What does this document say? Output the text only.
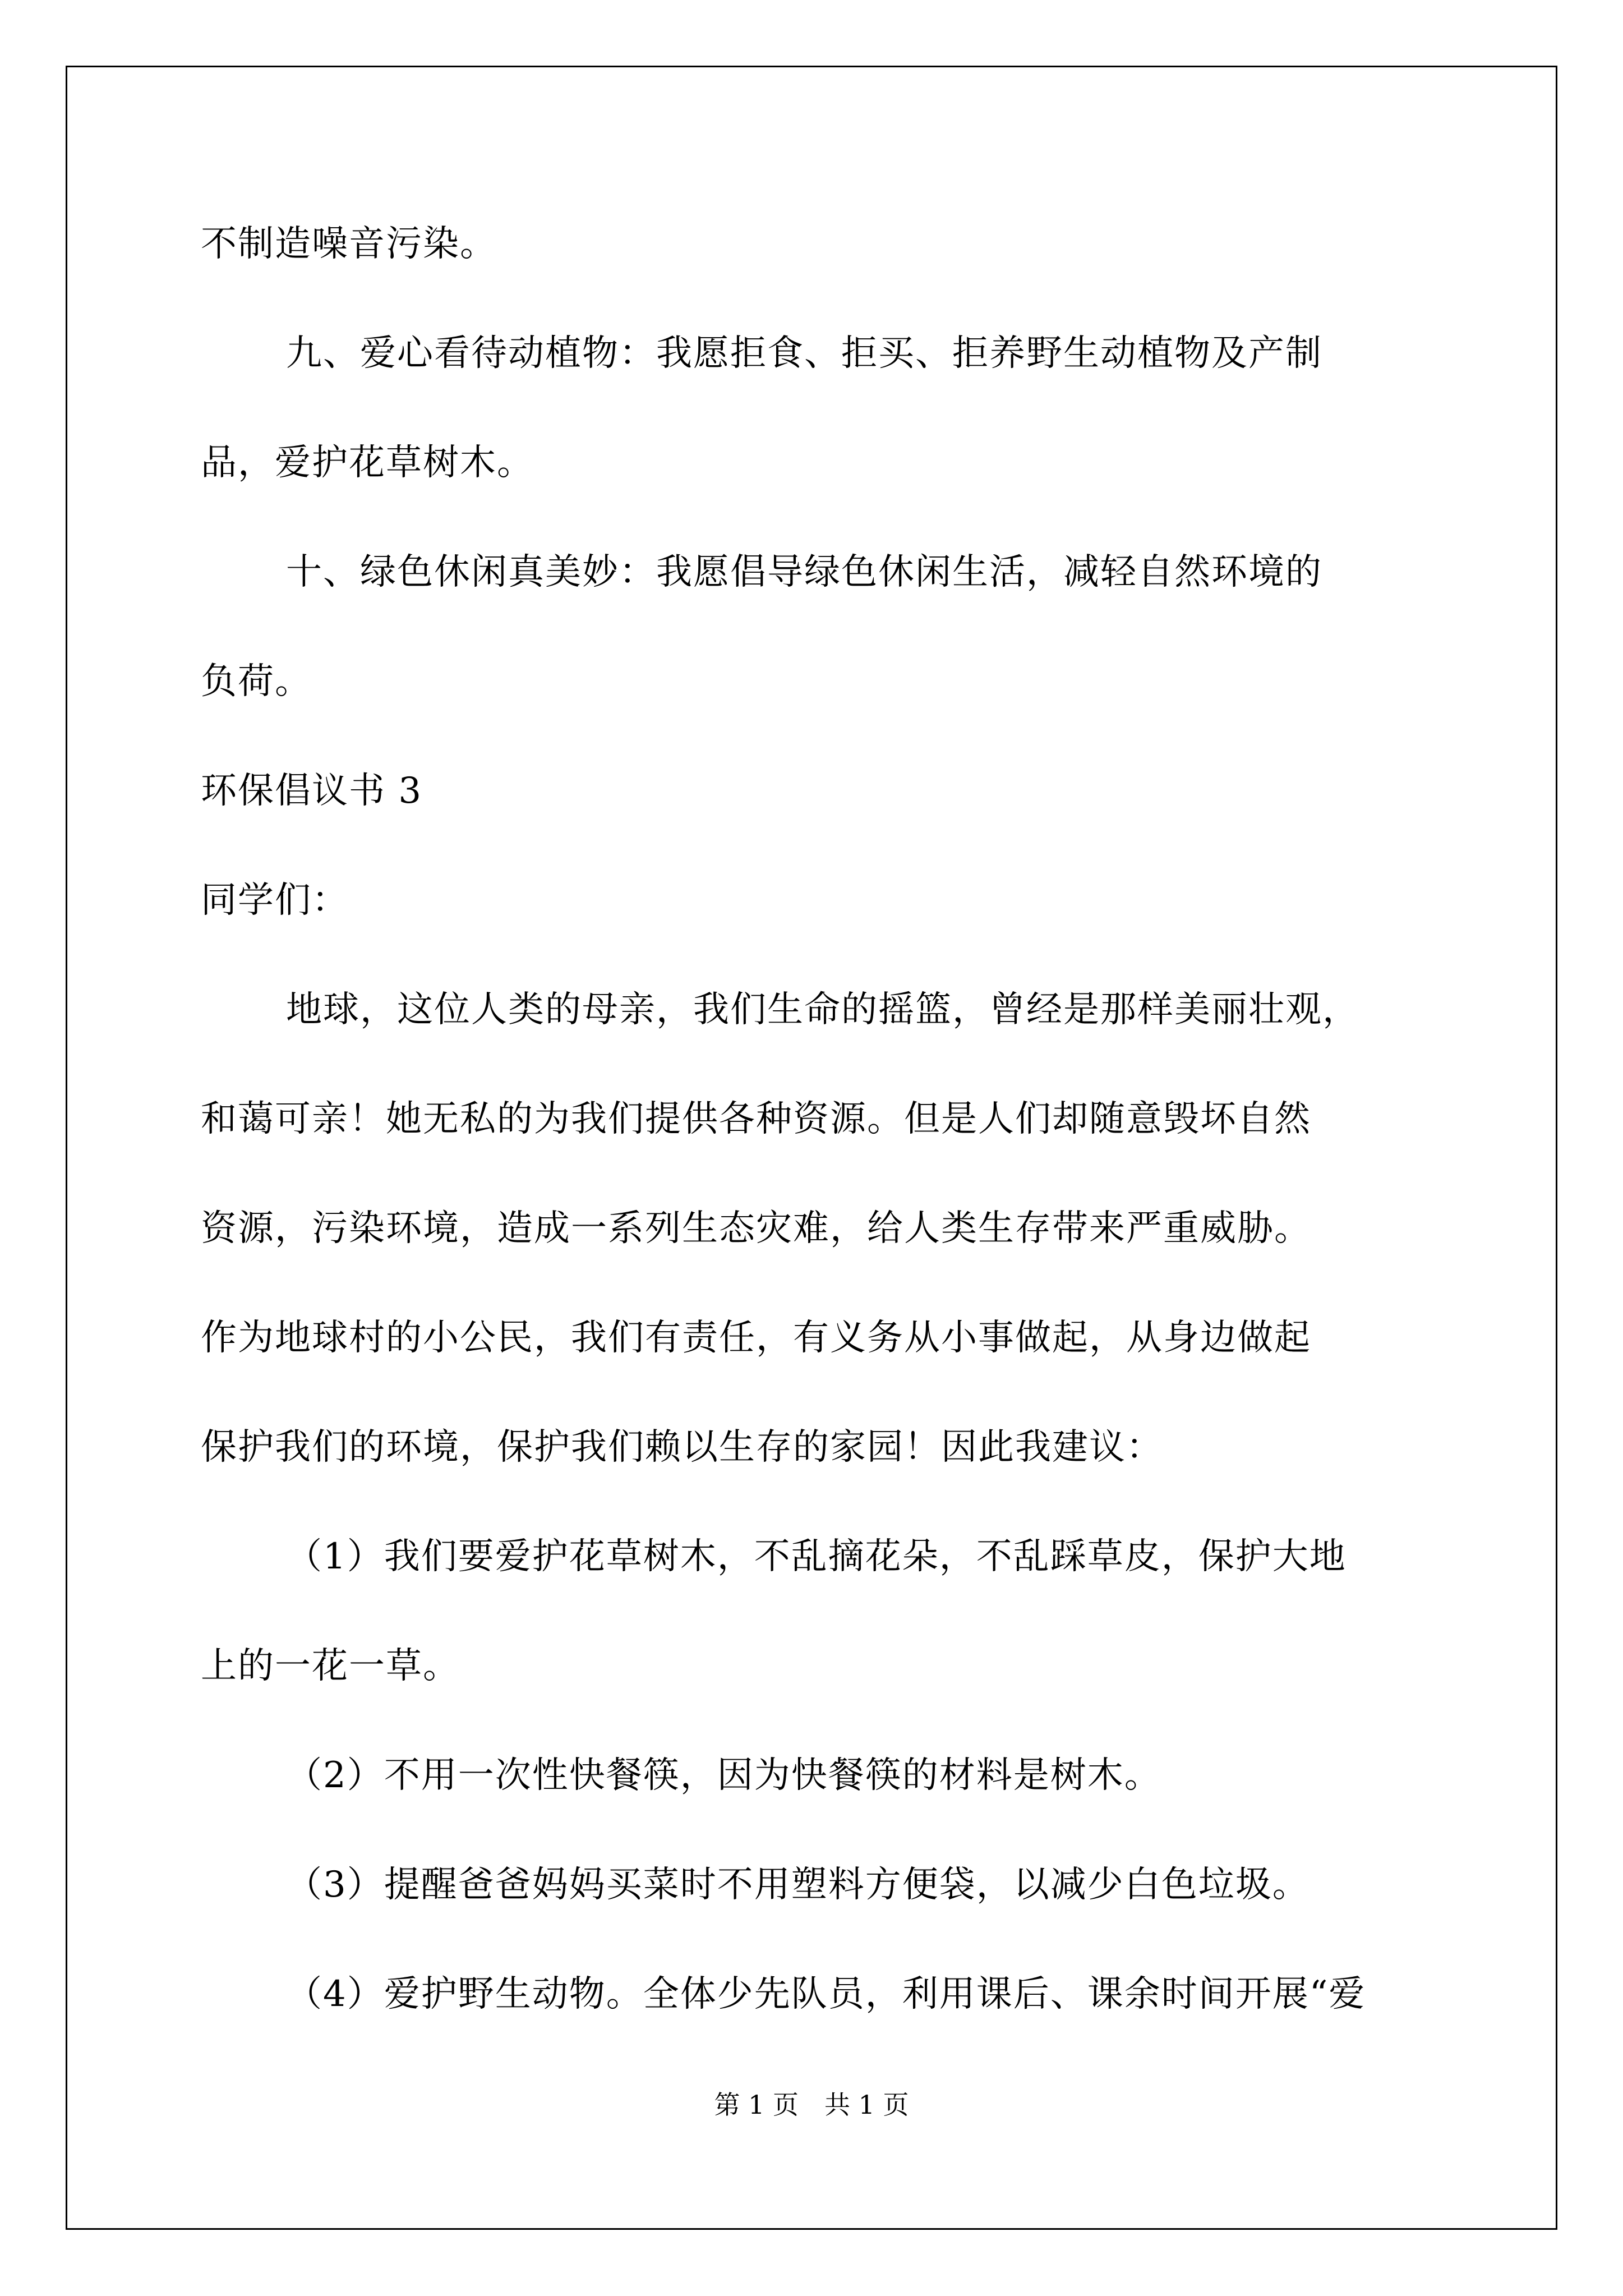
不制造噪音污染。
九、爱心看待动植物：我愿拒食、拒买、拒养野生动植物及产制
品，爱护花草树木。
十、绿色休闲真美妙：我愿倡导绿色休闲生活，减轻自然环境的
负荷。
环保倡议书 3
同学们：
地球，这位人类的母亲，我们生命的摇篮，曾经是那样美丽壮观，
和蔼可亲！她无私的为我们提供各种资源。但是人们却随意毁坏自然
资源，污染环境，造成一系列生态灾难，给人类生存带来严重威胁。
作为地球村的小公民，我们有责任，有义务从小事做起，从身边做起
保护我们的环境，保护我们赖以生存的家园！因此我建议：
（1）我们要爱护花草树木，不乱摘花朵，不乱踩草皮，保护大地
上的一花一草。
（2）不用一次性快餐筷，因为快餐筷的材料是树木。
（3）提醒爸爸妈妈买菜时不用塑料方便袋，以减少白色垃圾。
（4）爱护野生动物。全体少先队员，利用课后、课余时间开展“爱
第 1 页　共 1 页
